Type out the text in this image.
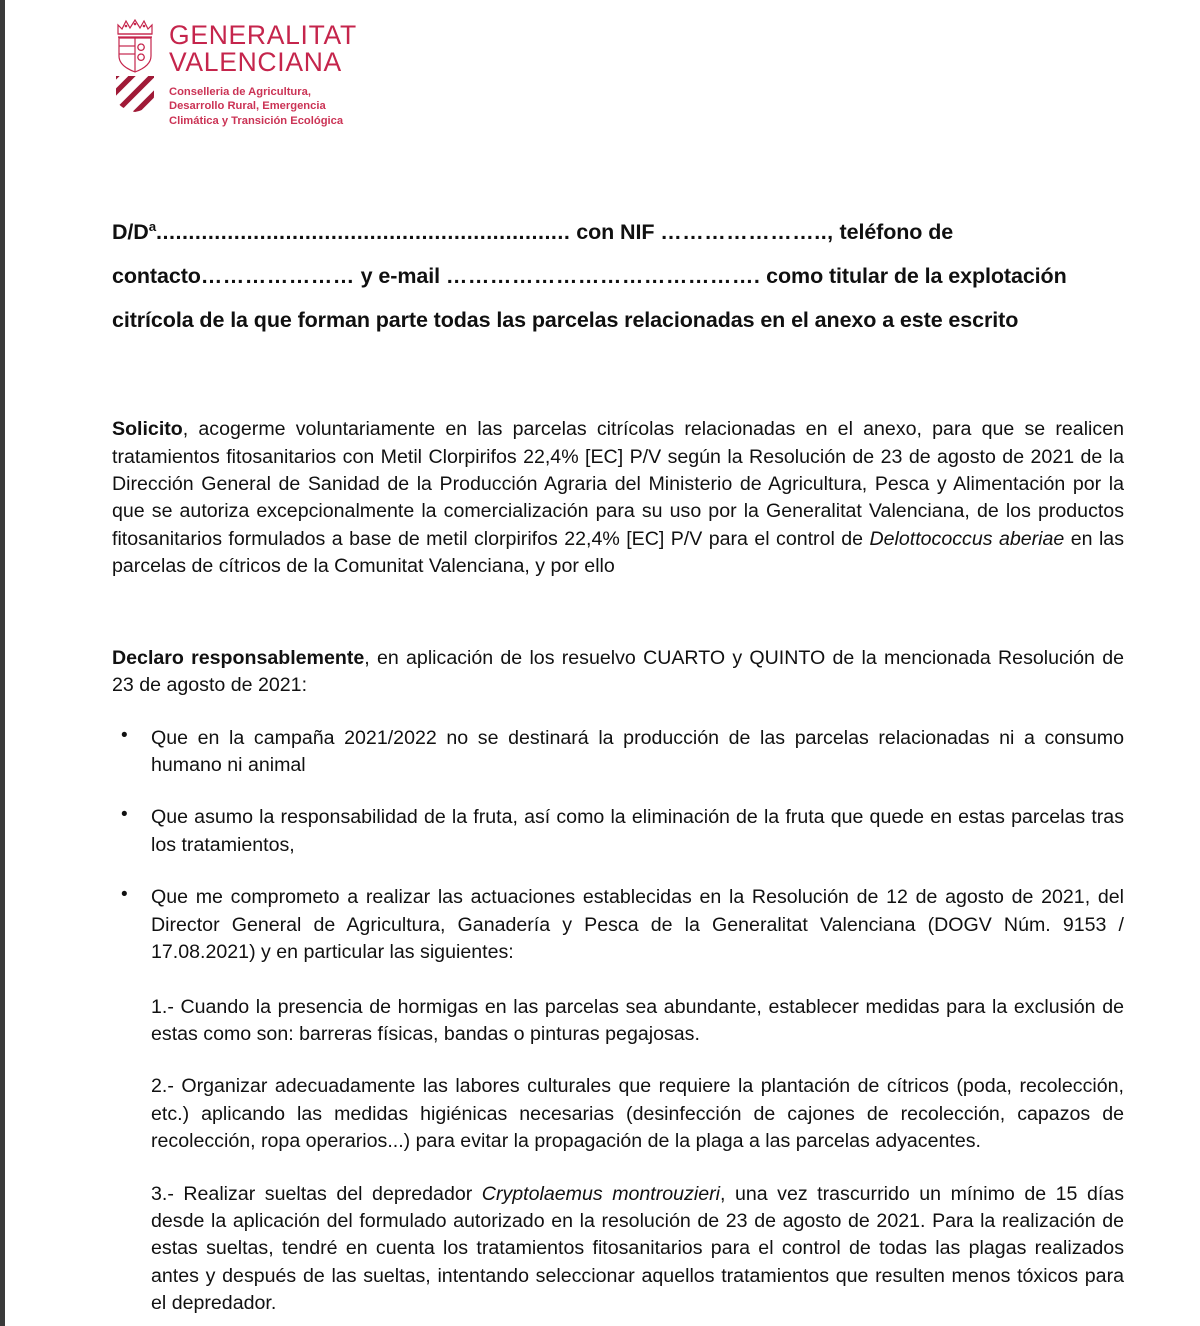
GENERALITAT
VALENCIANA
Conselleria de Agricultura,
Desarrollo Rural, Emergencia
Climática y Transición Ecológica
$D/D^a$................................................................ con NIF ………………….., teléfono de contacto………………… y e-mail ……………………………………. como titular de la explotación citrícola de la que forman parte todas las parcelas relacionadas en el anexo a este escrito

Solicito, acogerme voluntariamente en las parcelas citrícolas relacionadas en el anexo, para que se realicen tratamientos fitosanitarios con Metil Clorpirifos 22,4% [EC] P/V según la Resolución de 23 de agosto de 2021 de la Dirección General de Sanidad de la Producción Agraria del Ministerio de Agricultura, Pesca y Alimentación por la que se autoriza excepcionalmente la comercialización para su uso por la Generalitat Valenciana, de los productos fitosanitarios formulados a base de metil clorpirifos 22,4% [EC] P/V para el control de Delottococcus aberiae en las parcelas de cítricos de la Comunitat Valenciana, y por ello

Declaro responsablemente, en aplicación de los resuelvo CUARTO y QUINTO de la mencionada Resolución de 23 de agosto de 2021:

• Que en la campaña 2021/2022 no se destinará la producción de las parcelas relacionadas ni a consumo humano ni animal
• Que asumo la responsabilidad de la fruta, así como la eliminación de la fruta que quede en estas parcelas tras los tratamientos,
• Que me comprometo a realizar las actuaciones establecidas en la Resolución de 12 de agosto de 2021, del Director General de Agricultura, Ganadería y Pesca de la Generalitat Valenciana (DOGV Núm. 9153 / 17.08.2021) y en particular las siguientes:
1.- Cuando la presencia de hormigas en las parcelas sea abundante, establecer medidas para la exclusión de estas como son: barreras físicas, bandas o pinturas pegajosas.
2.- Organizar adecuadamente las labores culturales que requiere la plantación de cítricos (poda, recolección, etc.) aplicando las medidas higiénicas necesarias (desinfección de cajones de recolección, capazos de recolección, ropa operarios...) para evitar la propagación de la plaga a las parcelas adyacentes.
3.- Realizar sueltas del depredador Cryptolaemus montrouzieri, una vez trascurrido un mínimo de 15 días desde la aplicación del formulado autorizado en la resolución de 23 de agosto de 2021. Para la realización de estas sueltas, tendré en cuenta los tratamientos fitosanitarios para el control de todas las plagas realizados antes y después de las sueltas, intentando seleccionar aquellos tratamientos que resulten menos tóxicos para el depredador.
